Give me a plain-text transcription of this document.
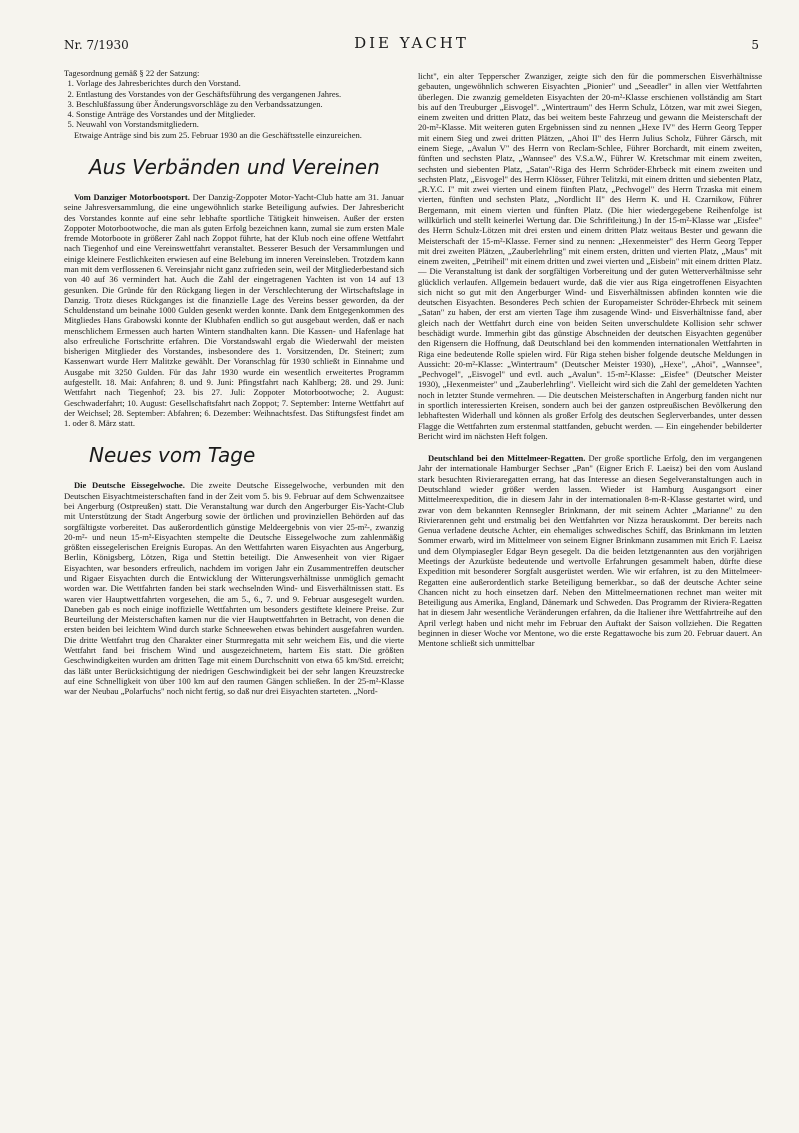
Nr. 7/1930	DIE YACHT	5

Tagesordnung gemäß § 22 der Satzung:

1. Vorlage des Jahresberichtes durch den Vorstand.
2. Entlastung des Vorstandes von der Geschäftsführung des vergangenen Jahres.
3. Beschlußfassung über Änderungsvorschläge zu den Verbandssatzungen.
4. Sonstige Anträge des Vorstandes und der Mitglieder.
5. Neuwahl von Vorstandsmitgliedern.

Etwaige Anträge sind bis zum 25. Februar 1930 an die Geschäftsstelle einzureichen.

Aus Verbänden und Vereinen

Vom Danziger Motorbootsport. Der Danzig-Zoppoter Motor-Yacht-Club hatte am 31. Januar seine Jahresversammlung, die eine ungewöhnlich starke Beteiligung aufwies. Der Jahresbericht des Vorstandes konnte auf eine sehr lebhafte sportliche Tätigkeit hinweisen. Außer der ersten Zoppoter Motorbootwoche, die man als guten Erfolg bezeichnen kann, zumal sie zum ersten Male fremde Motorboote in größerer Zahl nach Zoppot führte, hat der Klub noch eine offene Wettfahrt nach Tiegenhof und eine Vereinswettfahrt veranstaltet. Besserer Besuch der Versammlungen und einige kleinere Festlichkeiten erwiesen auf eine Belebung im inneren Vereinsleben. Trotzdem kann man mit dem verflossenen 6. Vereinsjahr nicht ganz zufrieden sein, weil der Mitgliederbestand sich von 40 auf 36 vermindert hat. Auch die Zahl der eingetragenen Yachten ist von 14 auf 13 gesunken. Die Gründe für den Rückgang liegen in der Verschlechterung der Wirtschaftslage in Danzig. Trotz dieses Rückganges ist die finanzielle Lage des Vereins besser geworden, da der Schuldenstand um beinahe 1000 Gulden gesenkt werden konnte. Dank dem Entgegenkommen des Mitgliedes Hans Grabowski konnte der Klubhafen endlich so gut ausgebaut werden, daß er nach menschlichem Ermessen auch harten Wintern standhalten kann. Die Kassen- und Hafenlage hat also erfreuliche Fortschritte erfahren. Die Vorstandswahl ergab die Wiederwahl der meisten bisherigen Mitglieder des Vorstandes, insbesondere des 1. Vorsitzenden, Dr. Steinert; zum Kassenwart wurde Herr Malitzke gewählt. Der Voranschlag für 1930 schließt in Einnahme und Ausgabe mit 3250 Gulden. Für das Jahr 1930 wurde ein wesentlich erweitertes Programm aufgestellt. 18. Mai: Anfahren; 8. und 9. Juni: Pfingstfahrt nach Kahlberg; 28. und 29. Juni: Wettfahrt nach Tiegenhof; 23. bis 27. Juli: Zoppoter Motorbootwoche; 2. August: Geschwaderfahrt; 10. August: Gesellschaftsfahrt nach Zoppot; 7. September: Interne Wettfahrt auf der Weichsel; 28. September: Abfahren; 6. Dezember: Weihnachtsfest. Das Stiftungsfest findet am 1. oder 8. März statt.

Neues vom Tage

Die Deutsche Eissegelwoche. Die zweite Deutsche Eissegelwoche, verbunden mit den Deutschen Eisyachtmeisterschaften fand in der Zeit vom 5. bis 9. Februar auf dem Schwenzaitsee bei Angerburg (Ostpreußen) statt. Die Veranstaltung war durch den Angerburger Eis-Yacht-Club mit Unterstützung der Stadt Angerburg sowie der örtlichen und provinziellen Behörden auf das sorgfältigste vorbereitet. Das außerordentlich günstige Meldeergebnis von vier 25-m²-, zwanzig 20-m²- und neun 15-m²-Eisyachten stempelte die Deutsche Eissegelwoche zum zahlenmäßig größten eissegelerischen Ereignis Europas. An den Wettfahrten waren Eisyachten aus Angerburg, Berlin, Königsberg, Lötzen, Riga und Stettin beteiligt. Die Anwesenheit von vier Rigaer Eisyachten, war besonders erfreulich, nachdem im vorigen Jahr ein Zusammentreffen deutscher und Rigaer Eisyachten durch die Entwicklung der Witterungsverhältnisse unmöglich gemacht worden war. Die Wettfahrten fanden bei stark wechselnden Wind- und Eisverhältnissen statt. Es waren vier Hauptwettfahrten vorgesehen, die am 5., 6., 7. und 9. Februar ausgesegelt wurden. Daneben gab es noch einige inoffizielle Wettfahrten um besonders gestiftete kleinere Preise. Zur Beurteilung der Meisterschaften kamen nur die vier Hauptwettfahrten in Betracht, von denen die ersten beiden bei leichtem Wind durch starke Schneewehen etwas behindert ausgefahren wurden. Die dritte Wettfahrt trug den Charakter einer Sturmregatta mit sehr weichem Eis, und die vierte Wettfahrt fand bei frischem Wind und ausgezeichnetem, hartem Eis statt. Die größten Geschwindigkeiten wurden am dritten Tage mit einem Durchschnitt von etwa 65 km/Std. erreicht; das läßt unter Berücksichtigung der niedrigen Geschwindigkeit bei der sehr langen Kreuzstrecke auf eine Schnelligkeit von über 100 km auf den raumen Gängen schließen. In der 25-m²-Klasse war der Neubau „Polarfuchs" noch nicht fertig, so daß nur drei Eisyachten starteten. „Nord-

licht", ein alter Tepperscher Zwanziger, zeigte sich den für die pommerschen Eisverhältnisse gebauten, ungewöhnlich schweren Eisyachten „Pionier" und „Seeadler" in allen vier Wettfahrten überlegen. Die zwanzig gemeldeten Eisyachten der 20-m²-Klasse erschienen vollständig am Start bis auf den Treuburger „Eisvogel". „Wintertraum" des Herrn Schulz, Lötzen, war mit zwei Siegen, einem zweiten und dritten Platz, das bei weitem beste Fahrzeug und gewann die Meisterschaft der 20-m²-Klasse. Mit weiteren guten Ergebnissen sind zu nennen „Hexe IV" des Herrn Georg Tepper mit einem Sieg und zwei dritten Plätzen, „Ahoi II" des Herrn Julius Scholz, Führer Gärsch, mit einem Siege, „Avalun V" des Herrn von Reclam-Schlee, Führer Borchardt, mit einem zweiten, fünften und sechsten Platz, „Wannsee" des V.S.a.W., Führer W. Kretschmar mit einem zweiten, sechsten und siebenten Platz, „Satan"-Riga des Herrn Schröder-Ehrbeck mit einem zweiten und sechsten Platz, „Eisvogel" des Herrn Klösser, Führer Telitzki, mit einem dritten und siebenten Platz, „R.Y.C. I" mit zwei vierten und einem fünften Platz, „Pechvogel" des Herrn Trzaska mit einem vierten, fünften und sechsten Platz, „Nordlicht II" des Herrn K. und H. Czarnikow, Führer Bergemann, mit einem vierten und fünften Platz. (Die hier wiedergegebene Reihenfolge ist willkürlich und stellt keinerlei Wertung dar. Die Schriftleitung.) In der 15-m²-Klasse war „Eisfee" des Herrn Schulz-Lötzen mit drei ersten und einem dritten Platz weitaus Bester und gewann die Meisterschaft der 15-m²-Klasse. Ferner sind zu nennen: „Hexenmeister" des Herrn Georg Tepper mit drei zweiten Plätzen, „Zauberlehrling" mit einem ersten, dritten und vierten Platz, „Maus" mit einem zweiten, „Petriheil" mit einem dritten und zwei vierten und „Eisbein" mit einem dritten Platz. — Die Veranstaltung ist dank der sorgfältigen Vorbereitung und der guten Wetterverhältnisse sehr glücklich verlaufen. Allgemein bedauert wurde, daß die vier aus Riga eingetroffenen Eisyachten sich nicht so gut mit den Angerburger Wind- und Eisverhältnissen abfinden konnten wie die deutschen Eisyachten. Besonderes Pech schien der Europameister Schröder-Ehrbeck mit seinem „Satan" zu haben, der erst am vierten Tage ihm zusagende Wind- und Eisverhältnisse fand, aber gleich nach der Wettfahrt durch eine von beiden Seiten unverschuldete Kollision sehr schwer beschädigt wurde. Immerhin gibt das günstige Abschneiden der deutschen Eisyachten gegenüber den Rigensern die Hoffnung, daß Deutschland bei den kommenden internationalen Wettfahrten in Riga eine bedeutende Rolle spielen wird. Für Riga stehen bisher folgende deutsche Meldungen in Aussicht: 20-m²-Klasse: „Wintertraum" (Deutscher Meister 1930), „Hexe", „Ahoi", „Wannsee", „Pechvogel", „Eisvogel" und evtl. auch „Avalun". 15-m²-Klasse: „Eisfee" (Deutscher Meister 1930), „Hexenmeister" und „Zauberlehrling". Vielleicht wird sich die Zahl der gemeldeten Yachten noch in letzter Stunde vermehren. — Die deutschen Meisterschaften in Angerburg fanden nicht nur in sportlich interessierten Kreisen, sondern auch bei der ganzen ostpreußischen Bevölkerung den lebhaftesten Widerhall und können als großer Erfolg des deutschen Seglerverbandes, unter dessen Flagge die Wettfahrten zum erstenmal stattfanden, gebucht werden. — Ein eingehender bebilderter Bericht wird im nächsten Heft folgen.

Deutschland bei den Mittelmeer-Regatten. Der große sportliche Erfolg, den im vergangenen Jahr der internationale Hamburger Sechser „Pan" (Eigner Erich F. Laeisz) bei den vom Ausland stark besuchten Rivieraregatten errang, hat das Interesse an diesen Segelveranstaltungen auch in Deutschland wieder größer werden lassen. Wieder ist Hamburg Ausgangsort einer Mittelmeerexpedition, die in diesem Jahr in der internationalen 8-m-R-Klasse gestartet wird, und zwar von dem bekannten Rennsegler Brinkmann, der mit seinem Achter „Marianne" zu den Rivierarennen geht und erstmalig bei den Wettfahrten vor Nizza herauskommt. Der bereits nach Genua verladene deutsche Achter, ein ehemaliges schwedisches Schiff, das Brinkmann im letzten Sommer erwarb, wird im Mittelmeer von seinem Eigner Brinkmann zusammen mit Erich F. Laeisz und dem Olympiasegler Edgar Beyn gesegelt. Da die beiden letztgenannten aus den vorjährigen Meetings der Azurküste bedeutende und wertvolle Erfahrungen gesammelt haben, dürfte diese Expedition mit besonderer Sorgfalt ausgerüstet werden. Wie wir erfahren, ist zu den Mittelmeer-Regatten eine außerordentlich starke Beteiligung bemerkbar., so daß der deutsche Achter seine Chancen nicht zu hoch einsetzen darf. Neben den Mittelmeernationen rechnet man weiter mit Beteiligung aus Amerika, England, Dänemark und Schweden. Das Programm der Riviera-Regatten hat in diesem Jahr wesentliche Veränderungen erfahren, da die Italiener ihre Wettfahrtreihe auf den April verlegt haben und nicht mehr im Februar den Auftakt der Saison vollziehen. Die Regatten beginnen in dieser Woche vor Mentone, wo die erste Regattawoche bis zum 20. Februar dauert. An Mentone schließt sich unmittelbar
